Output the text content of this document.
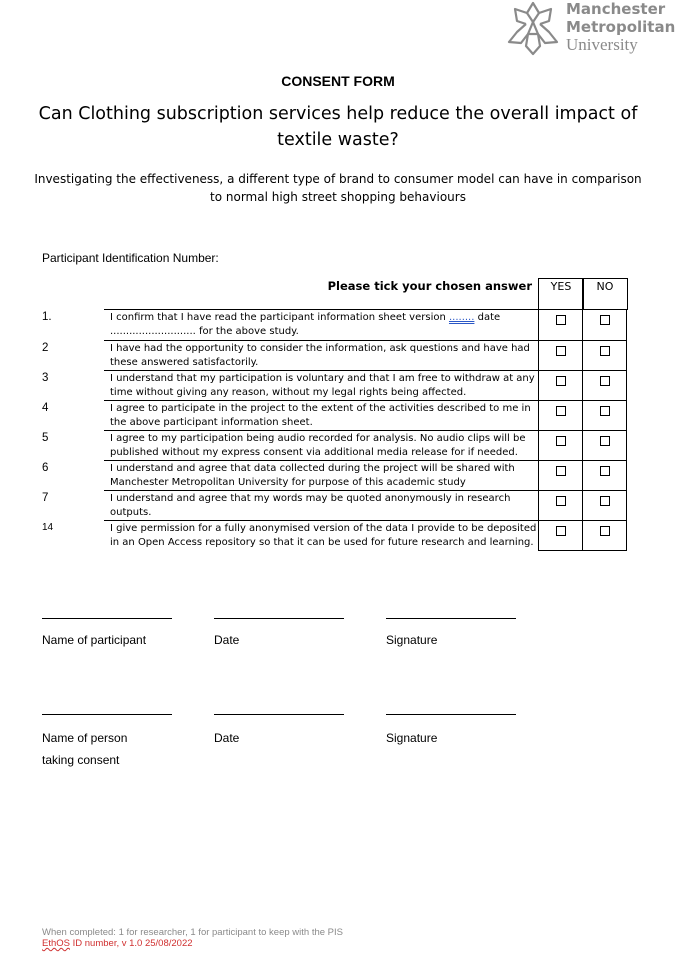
Manchester
Metropolitan
University
CONSENT FORM
Can Clothing subscription services help reduce the overall impact of textile waste?
Investigating the effectiveness, a different type of brand to consumer model can have in comparison to normal high street shopping behaviours
Participant Identification Number:
Please tick your chosen answer	YES	NO
1.	I confirm that I have read the participant information sheet version ........ date
........................... for the above study.
2	I have had the opportunity to consider the information, ask questions and have had
these answered satisfactorily.
3	I understand that my participation is voluntary and that I am free to withdraw at any
time without giving any reason, without my legal rights being affected.
4	I agree to participate in the project to the extent of the activities described to me in
the above participant information sheet.
5	I agree to my participation being audio recorded for analysis. No audio clips will be
published without my express consent via additional media release for if needed.
6	I understand and agree that data collected during the project will be shared with
Manchester Metropolitan University for purpose of this academic study
7	I understand and agree that my words may be quoted anonymously in research
outputs.
14	I give permission for a fully anonymised version of the data I provide to be deposited
in an Open Access repository so that it can be used for future research and learning.
Name of participant	Date	Signature
Name of person
taking consent
Date	Signature
When completed: 1 for researcher, 1 for participant to keep with the PIS
EthOS ID number, v 1.0 25/08/2022
